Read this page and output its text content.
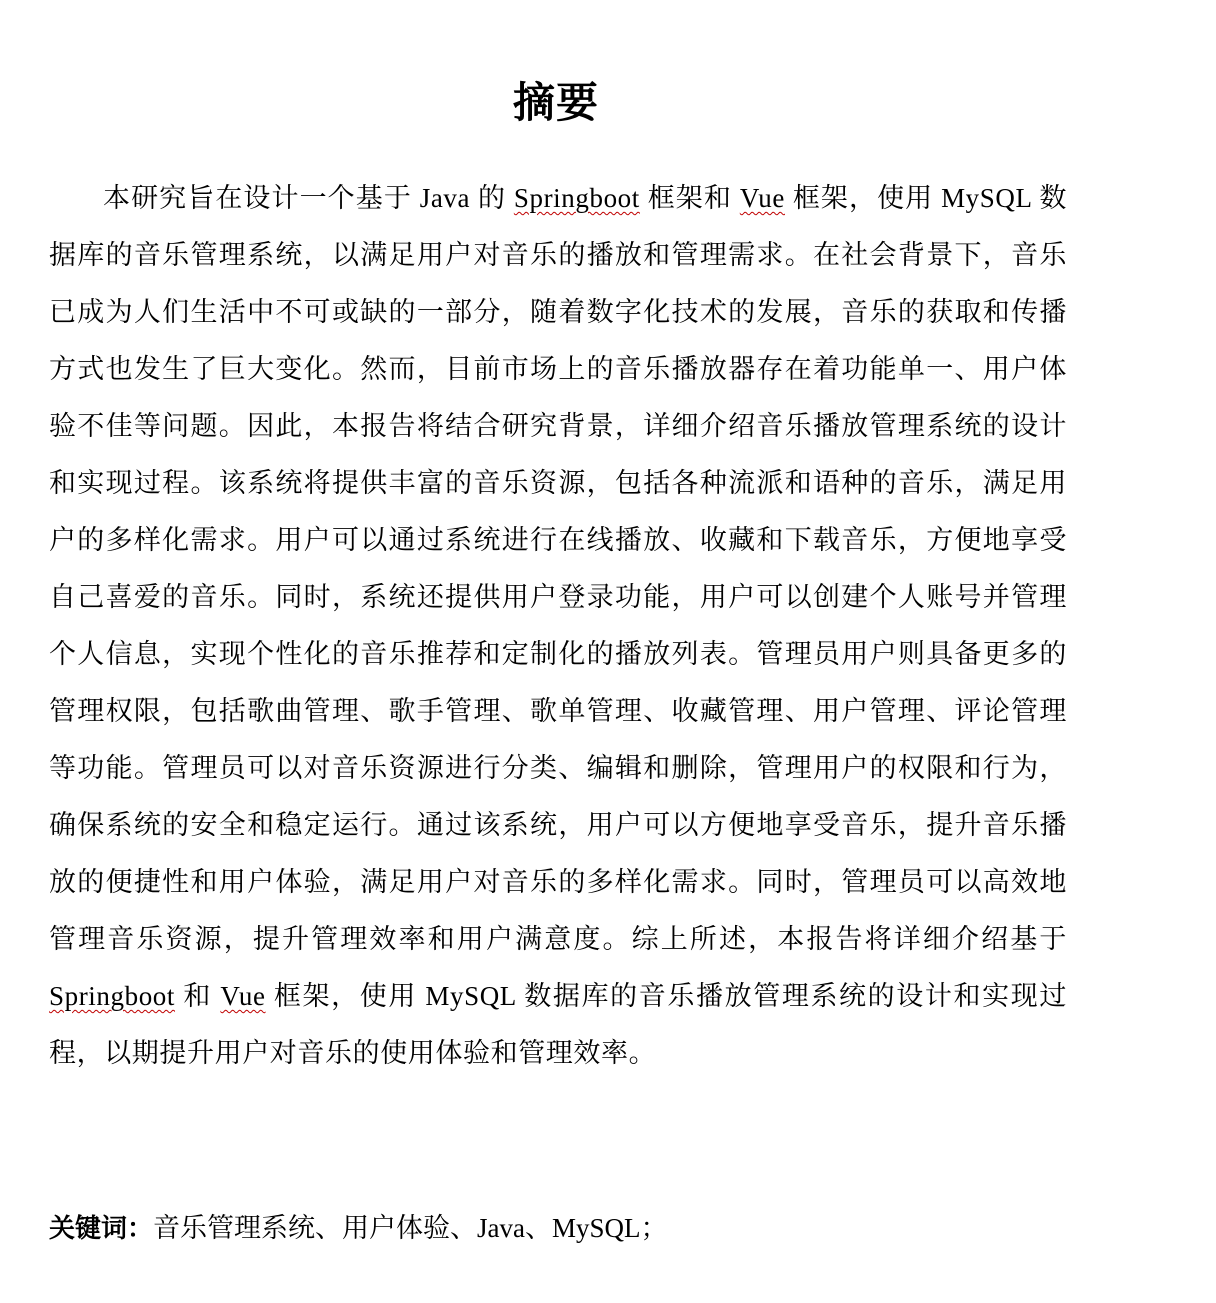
摘要

本研究旨在设计一个基于 Java 的 Springboot 框架和 Vue 框架，使用 MySQL 数据库的音乐管理系统，以满足用户对音乐的播放和管理需求。在社会背景下，音乐已成为人们生活中不可或缺的一部分，随着数字化技术的发展，音乐的获取和传播方式也发生了巨大变化。然而，目前市场上的音乐播放器存在着功能单一、用户体验不佳等问题。因此，本报告将结合研究背景，详细介绍音乐播放管理系统的设计和实现过程。该系统将提供丰富的音乐资源，包括各种流派和语种的音乐，满足用户的多样化需求。用户可以通过系统进行在线播放、收藏和下载音乐，方便地享受自己喜爱的音乐。同时，系统还提供用户登录功能，用户可以创建个人账号并管理个人信息，实现个性化的音乐推荐和定制化的播放列表。管理员用户则具备更多的管理权限，包括歌曲管理、歌手管理、歌单管理、收藏管理、用户管理、评论管理等功能。管理员可以对音乐资源进行分类、编辑和删除，管理用户的权限和行为，确保系统的安全和稳定运行。通过该系统，用户可以方便地享受音乐，提升音乐播放的便捷性和用户体验，满足用户对音乐的多样化需求。同时，管理员可以高效地管理音乐资源，提升管理效率和用户满意度。综上所述，本报告将详细介绍基于 Springboot 和 Vue 框架，使用 MySQL 数据库的音乐播放管理系统的设计和实现过程，以期提升用户对音乐的使用体验和管理效率。

关键词：音乐管理系统、用户体验、Java、MySQL；
